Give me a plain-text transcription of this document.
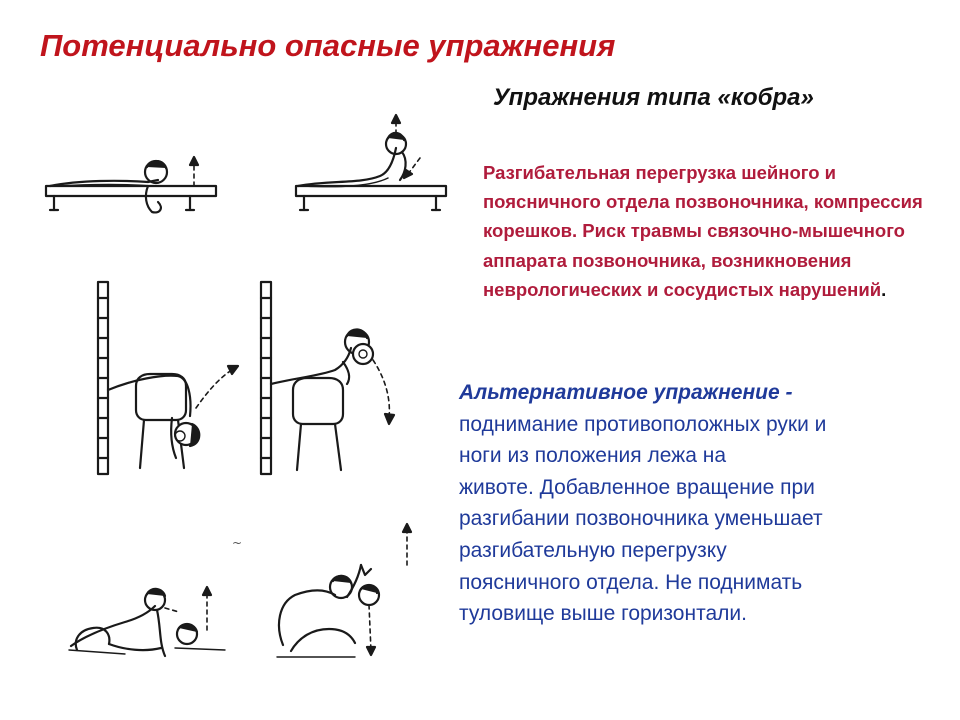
Потенциально опасные упражнения
Упражнения типа «кобра»
Разгибательная перегрузка шейного и поясничного отдела позвоночника, компрессия корешков. Риск травмы связочно-мышечного аппарата позвоночника, возникновения неврологических и сосудистых нарушений.
Альтернативное упражнение -
поднимание противоположных руки и
ноги из положения лежа на
животе. Добавленное вращение при
разгибании позвоночника уменьшает
разгибательную перегрузку
поясничного отдела. Не поднимать
туловище выше горизонтали.
~
